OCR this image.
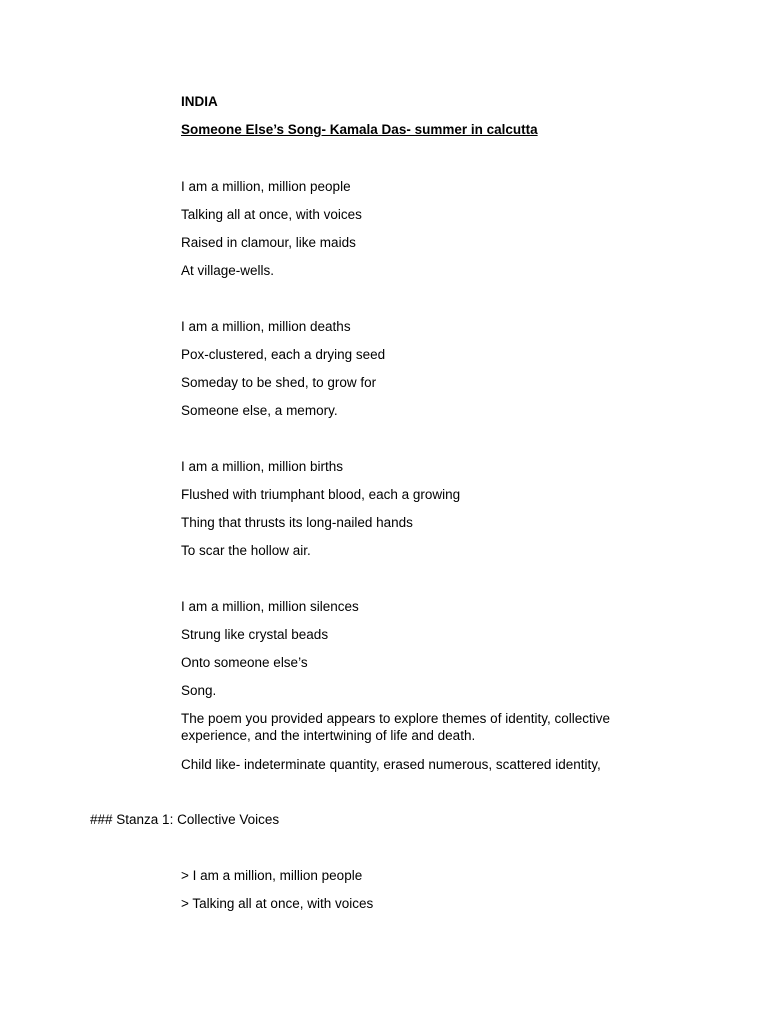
INDIA
Someone Else’s Song- Kamala Das- summer in calcutta
I am a million, million people
Talking all at once, with voices
Raised in clamour, like maids
At village-wells.
I am a million, million deaths
Pox-clustered, each a drying seed
Someday to be shed, to grow for
Someone else, a memory.
I am a million, million births
Flushed with triumphant blood, each a growing
Thing that thrusts its long-nailed hands
To scar the hollow air.
I am a million, million silences
Strung like crystal beads
Onto someone else’s
Song.
The poem you provided appears to explore themes of identity, collective experience, and the intertwining of life and death.
Child like- indeterminate quantity, erased numerous, scattered identity,
### Stanza 1: Collective Voices
> I am a million, million people
> Talking all at once, with voices
